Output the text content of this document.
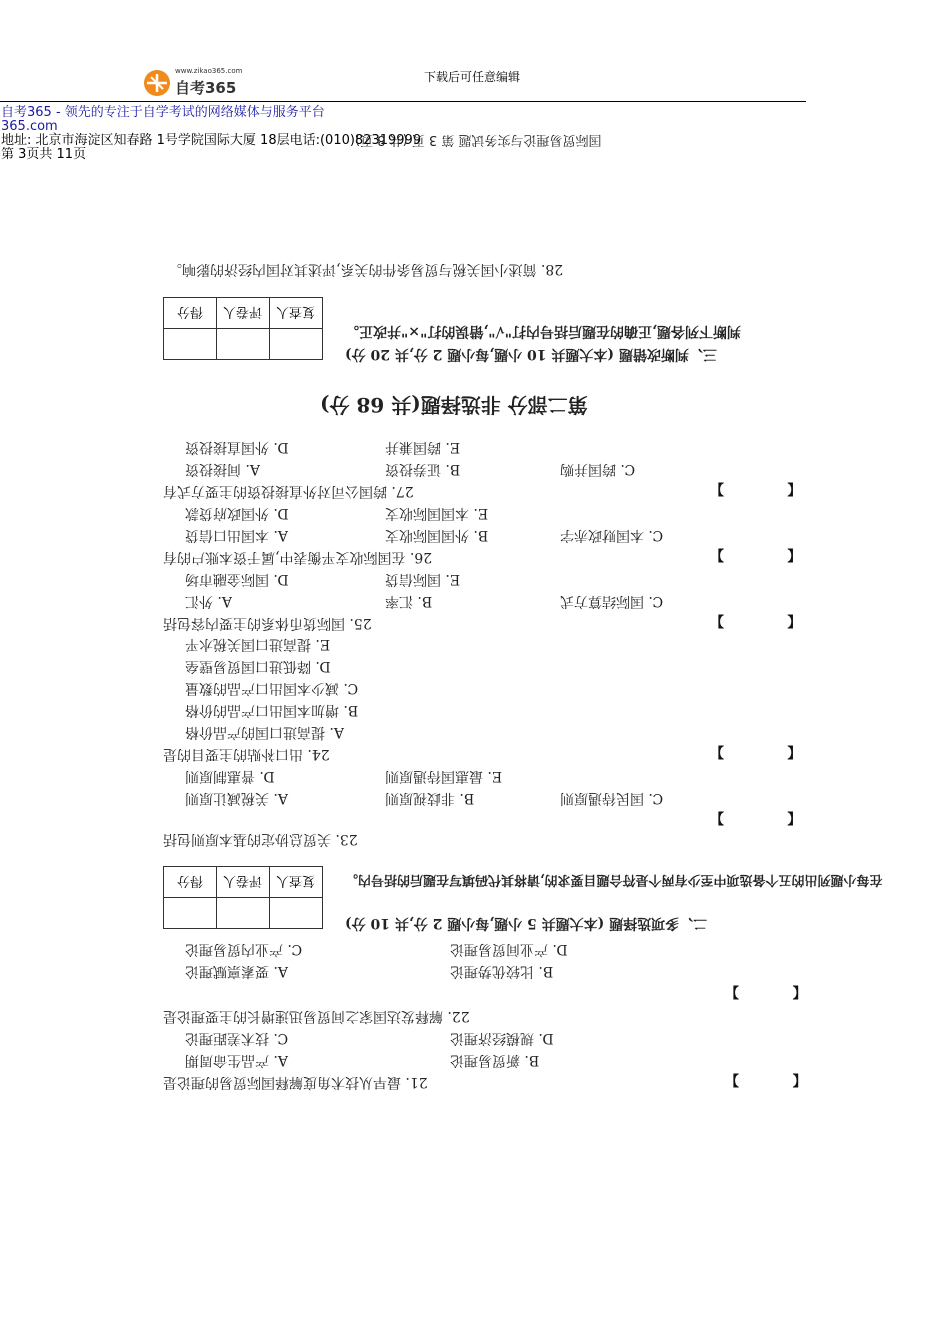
www.zikao365.com
自考365
下载后可任意编辑
自考365 - 领先的专注于自学考试的网络媒体与服务平台
365.com
地址: 北京市海淀区知春路 1号学院国际大厦 18层电话:(010)82319999
第 3页共 11页
国际贸易理论与实务试题 第 3 页 (共 8 页)
28. 简述小国关税与贸易条件的关系,评述其对国内经济的影响。
得分	评卷人	复查人

三、判断改错题 (本大题共 10 小题,每小题 2 分,共 20 分)
判断下列各题,正确的在题后括号内打"√",错误的打"×"并改正。
第二部分 非选择题(共 68 分)
D. 外国直接投资	E. 跨国兼并
A. 间接投资	B. 证券投资	C. 跨国并购
27. 跨国公司对外直接投资的主要方式有	【             】
D. 外国政府贷款	E. 本国国际收支
A. 本国出口信贷	B. 外国国际收支	C. 本国财政赤字
26. 在国际收支平衡表中,属于资本账户的有	【             】
D. 国际金融市场	E. 国际信贷
A. 外汇	B. 汇率	C. 国际结算方式
25. 国际货币体系的主要内容包括	【             】
E. 提高进口国关税水平
D. 降低进口国贸易壁垒
C. 减少本国出口产品的数量
B. 增加本国出口产品的价格
A. 提高进口国的产品价格
24. 出口补贴的主要目的是	【             】
D. 普惠制原则	E. 最惠国待遇原则
A. 关税减让原则	B. 非歧视原则	C. 国民待遇原则
【             】
23. 关贸总协定的基本原则包括
得分	评卷人	复查人

二、多项选择题 (本大题共 5 小题,每小题 2 分,共 10 分)
在每小题列出的五个备选项中至少有两个是符合题目要求的,请将其代码填写在题后的括号内。
C. 产业内贸易理论	D. 产业间贸易理论
A. 要素禀赋理论	B. 比较优势理论
【           】
22. 解释发达国家之间贸易迅速增长的主要理论是
C. 技术差距理论	D. 规模经济理论
A. 产品生命周期	B. 新贸易理论
21. 最早从技术角度解释国际贸易的理论是	【           】
